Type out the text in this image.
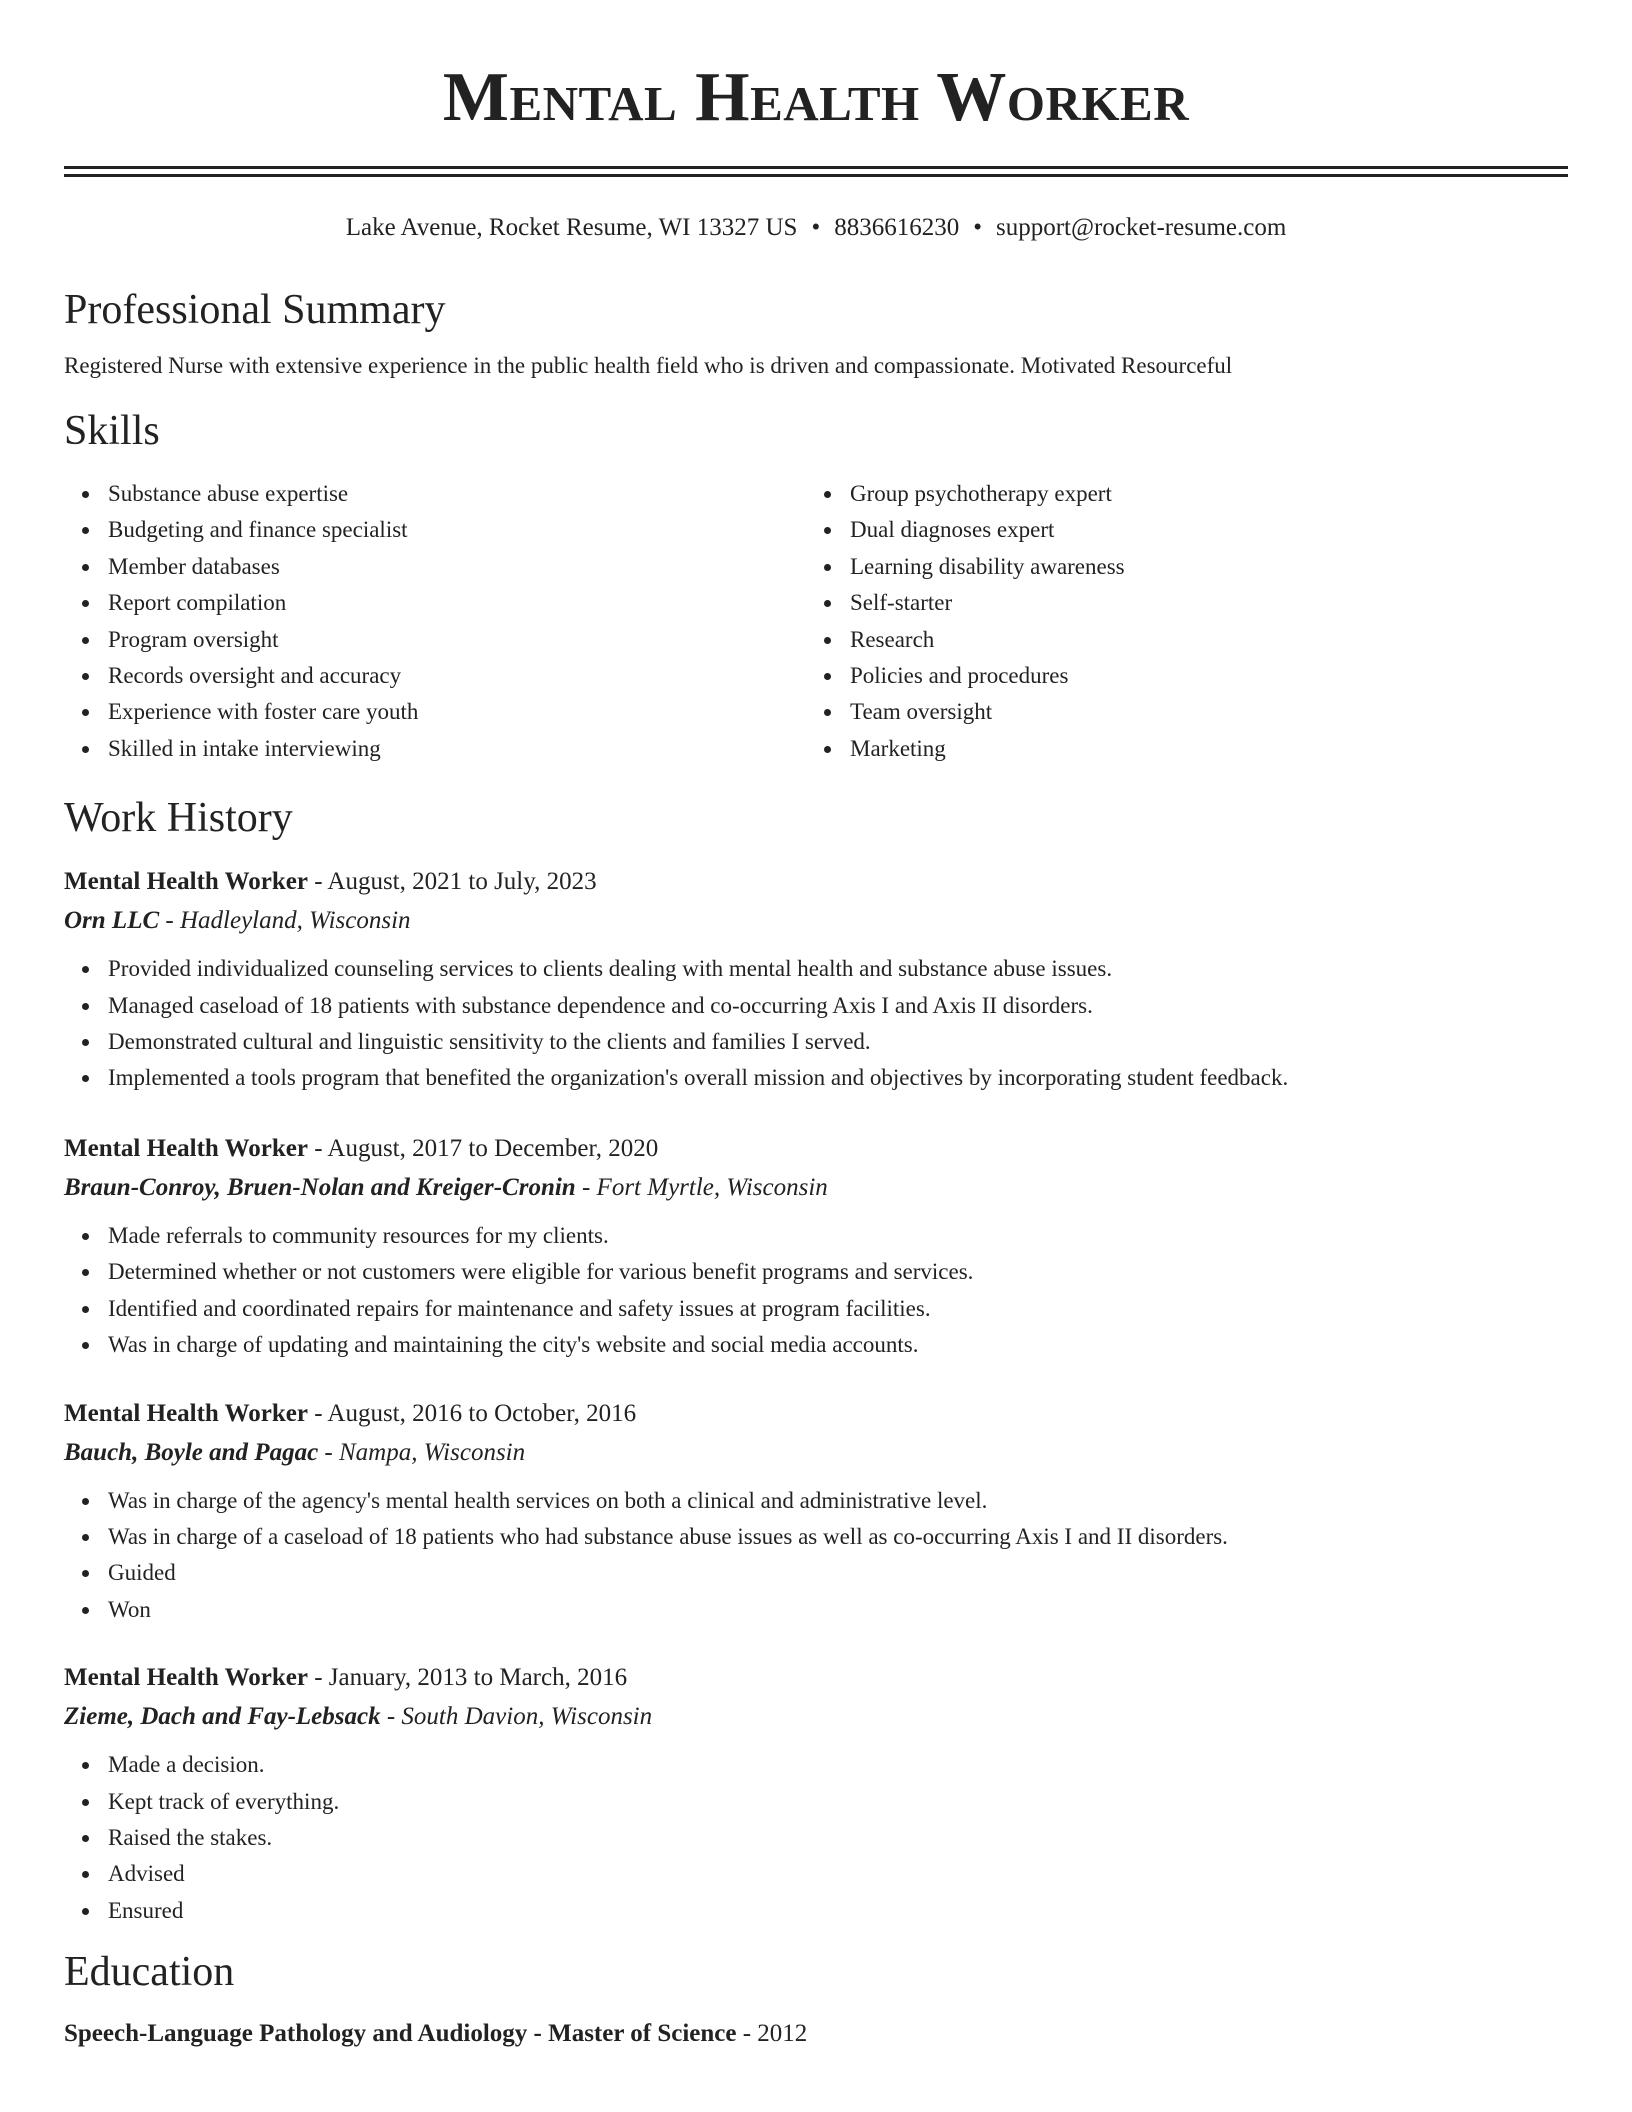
Mental Health Worker
Lake Avenue, Rocket Resume, WI 13327 US • 8836616230 • support@rocket-resume.com
Professional Summary
Registered Nurse with extensive experience in the public health field who is driven and compassionate. Motivated Resourceful
Skills
Substance abuse expertise
Budgeting and finance specialist
Member databases
Report compilation
Program oversight
Records oversight and accuracy
Experience with foster care youth
Skilled in intake interviewing
Group psychotherapy expert
Dual diagnoses expert
Learning disability awareness
Self-starter
Research
Policies and procedures
Team oversight
Marketing
Work History
Mental Health Worker - August, 2021 to July, 2023
Orn LLC - Hadleyland, Wisconsin
Provided individualized counseling services to clients dealing with mental health and substance abuse issues.
Managed caseload of 18 patients with substance dependence and co-occurring Axis I and Axis II disorders.
Demonstrated cultural and linguistic sensitivity to the clients and families I served.
Implemented a tools program that benefited the organization's overall mission and objectives by incorporating student feedback.
Mental Health Worker - August, 2017 to December, 2020
Braun-Conroy, Bruen-Nolan and Kreiger-Cronin - Fort Myrtle, Wisconsin
Made referrals to community resources for my clients.
Determined whether or not customers were eligible for various benefit programs and services.
Identified and coordinated repairs for maintenance and safety issues at program facilities.
Was in charge of updating and maintaining the city's website and social media accounts.
Mental Health Worker - August, 2016 to October, 2016
Bauch, Boyle and Pagac - Nampa, Wisconsin
Was in charge of the agency's mental health services on both a clinical and administrative level.
Was in charge of a caseload of 18 patients who had substance abuse issues as well as co-occurring Axis I and II disorders.
Guided
Won
Mental Health Worker - January, 2013 to March, 2016
Zieme, Dach and Fay-Lebsack - South Davion, Wisconsin
Made a decision.
Kept track of everything.
Raised the stakes.
Advised
Ensured
Education
Speech-Language Pathology and Audiology - Master of Science - 2012
